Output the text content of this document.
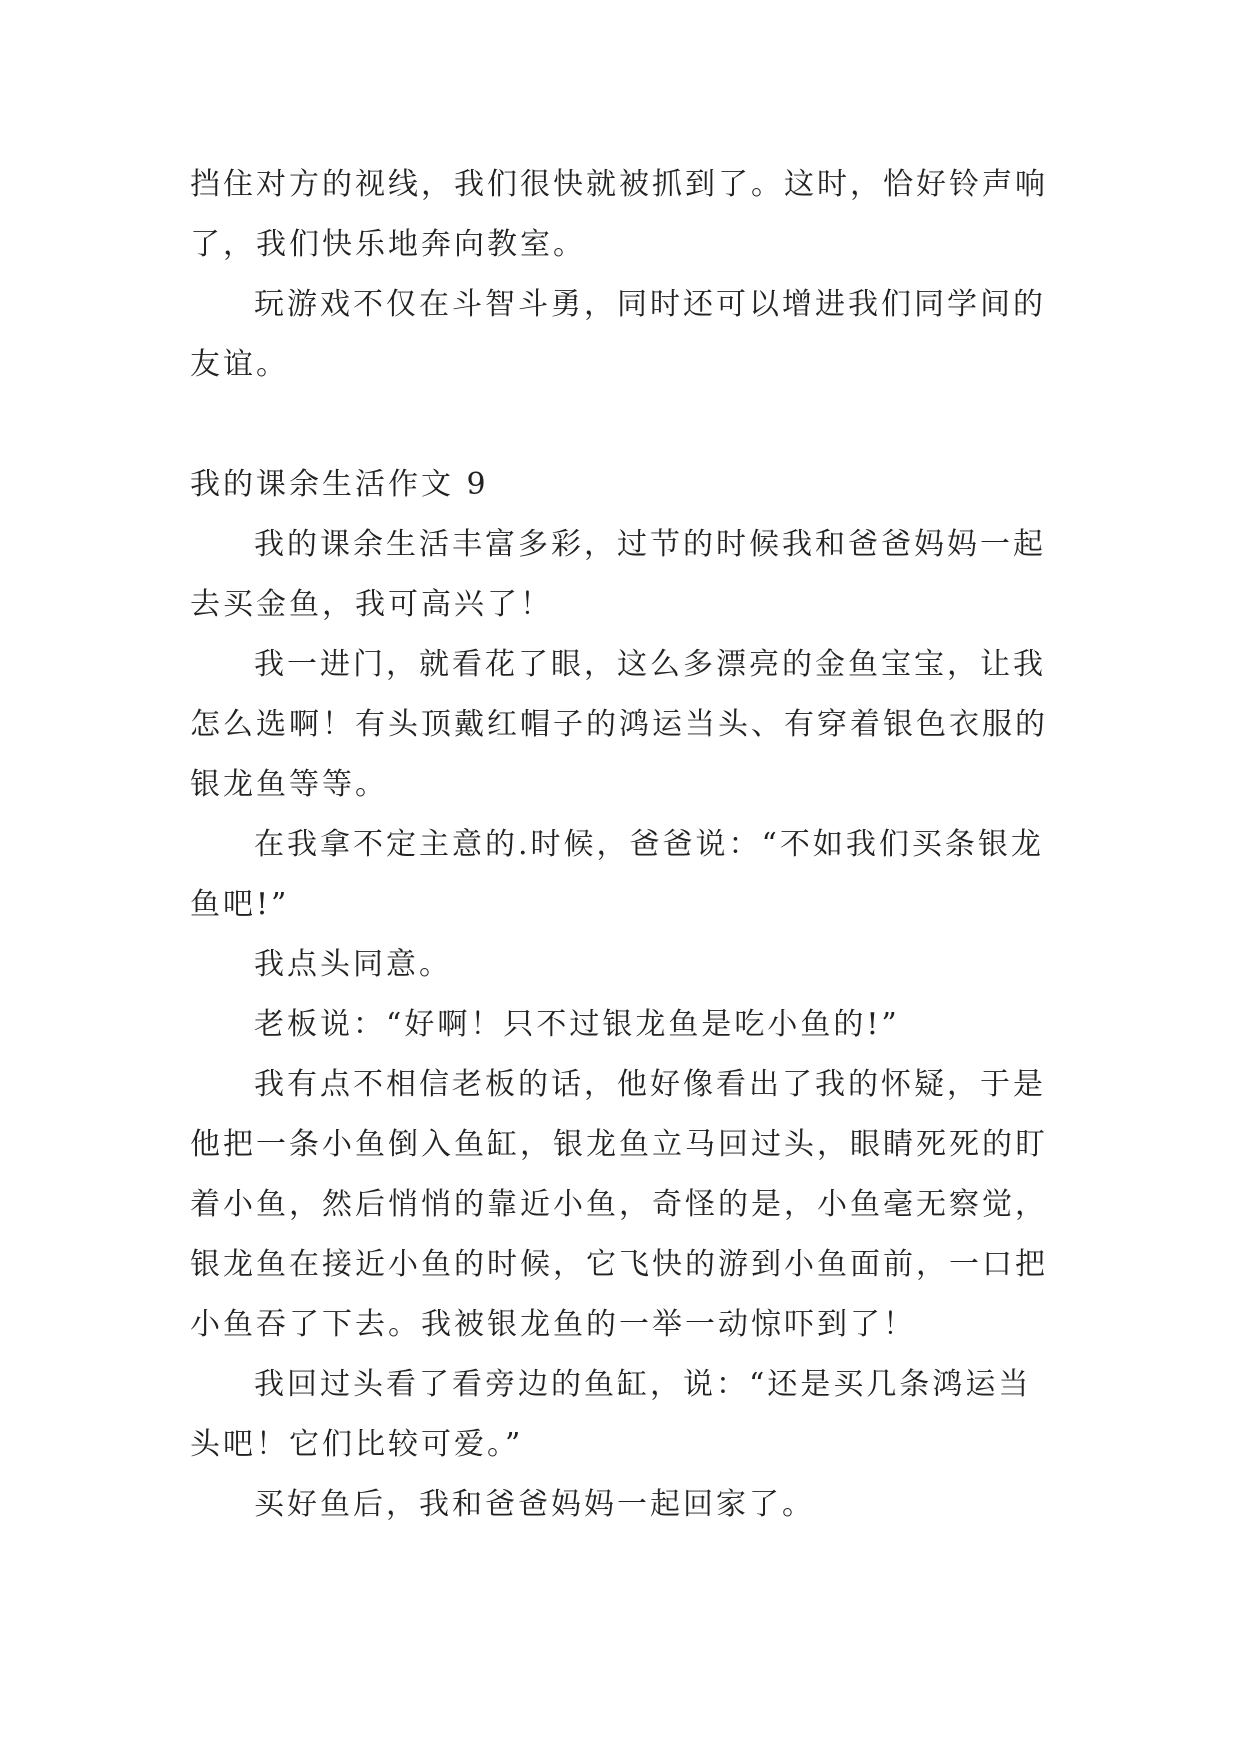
挡住对方的视线，我们很快就被抓到了。这时，恰好铃声响
了，我们快乐地奔向教室。
玩游戏不仅在斗智斗勇，同时还可以增进我们同学间的
友谊。
我的课余生活作文 9
我的课余生活丰富多彩，过节的时候我和爸爸妈妈一起
去买金鱼，我可高兴了！
我一进门，就看花了眼，这么多漂亮的金鱼宝宝，让我
怎么选啊！有头顶戴红帽子的鸿运当头、有穿着银色衣服的
银龙鱼等等。
在我拿不定主意的.时候，爸爸说：“不如我们买条银龙
鱼吧!”
我点头同意。
老板说：“好啊！只不过银龙鱼是吃小鱼的!”
我有点不相信老板的话，他好像看出了我的怀疑，于是
他把一条小鱼倒入鱼缸，银龙鱼立马回过头，眼睛死死的盯
着小鱼，然后悄悄的靠近小鱼，奇怪的是，小鱼毫无察觉，
银龙鱼在接近小鱼的时候，它飞快的游到小鱼面前，一口把
小鱼吞了下去。我被银龙鱼的一举一动惊吓到了！
我回过头看了看旁边的鱼缸，说：“还是买几条鸿运当
头吧！它们比较可爱。”
买好鱼后，我和爸爸妈妈一起回家了。
